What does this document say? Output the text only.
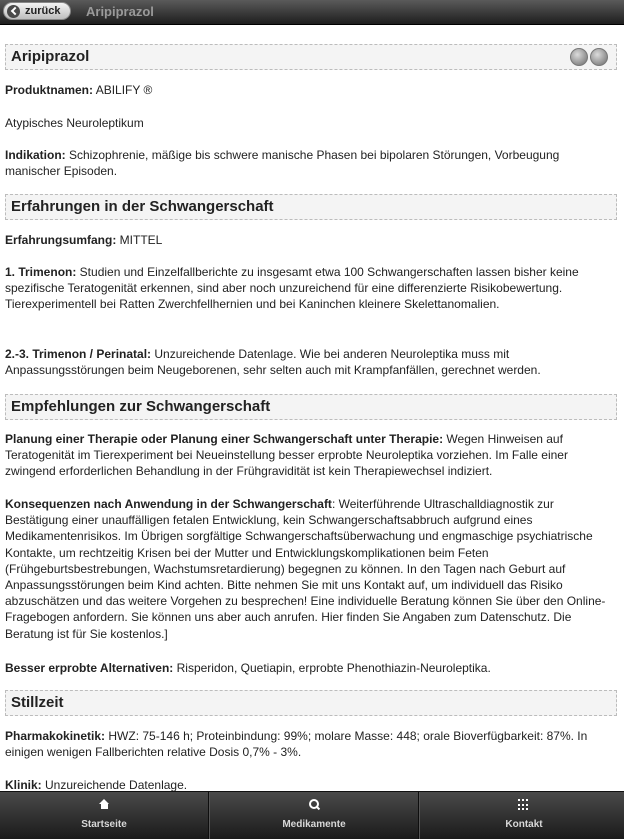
zurück Aripiprazol
Aripiprazol

Produktnamen: ABILIFY ®

Atypisches Neuroleptikum

Indikation: Schizophrenie, mäßige bis schwere manische Phasen bei bipolaren Störungen, Vorbeugung manischer Episoden.

Erfahrungen in der Schwangerschaft

Erfahrungsumfang: MITTEL

1. Trimenon: Studien und Einzelfallberichte zu insgesamt etwa 100 Schwangerschaften lassen bisher keine spezifische Teratogenität erkennen, sind aber noch unzureichend für eine differenzierte Risikobewertung. Tierexperimentell bei Ratten Zwerchfellhernien und bei Kaninchen kleinere Skelettanomalien.

2.-3. Trimenon / Perinatal: Unzureichende Datenlage. Wie bei anderen Neuroleptika muss mit Anpassungsstörungen beim Neugeborenen, sehr selten auch mit Krampfanfällen, gerechnet werden.

Empfehlungen zur Schwangerschaft

Planung einer Therapie oder Planung einer Schwangerschaft unter Therapie: Wegen Hinweisen auf Teratogenität im Tierexperiment bei Neueinstellung besser erprobte Neuroleptika vorziehen. Im Falle einer zwingend erforderlichen Behandlung in der Frühgravidität ist kein Therapiewechsel indiziert.

Konsequenzen nach Anwendung in der Schwangerschaft: Weiterführende Ultraschalldiagnostik zur Bestätigung einer unauffälligen fetalen Entwicklung, kein Schwangerschaftsabbruch aufgrund eines Medikamentenrisikos. Im Übrigen sorgfältige Schwangerschaftsüberwachung und engmaschige psychiatrische Kontakte, um rechtzeitig Krisen bei der Mutter und Entwicklungskomplikationen beim Feten (Frühgeburtsbestrebungen, Wachstumsretardierung) begegnen zu können. In den Tagen nach Geburt auf Anpassungsstörungen beim Kind achten. Bitte nehmen Sie mit uns Kontakt auf, um individuell das Risiko abzuschätzen und das weitere Vorgehen zu besprechen! Eine individuelle Beratung können Sie über den Online-Fragebogen anfordern. Sie können uns aber auch anrufen. Hier finden Sie Angaben zum Datenschutz. Die Beratung ist für Sie kostenlos.]

Besser erprobte Alternativen: Risperidon, Quetiapin, erprobte Phenothiazin-Neuroleptika.

Stillzeit

Pharmakokinetik: HWZ: 75-146 h; Proteinbindung: 99%; molare Masse: 448; orale Bioverfügbarkeit: 87%. In einigen wenigen Fallberichten relative Dosis 0,7% - 3%.

Klinik: Unzureichende Datenlage.

Startseite	Medikamente	Kontakt
